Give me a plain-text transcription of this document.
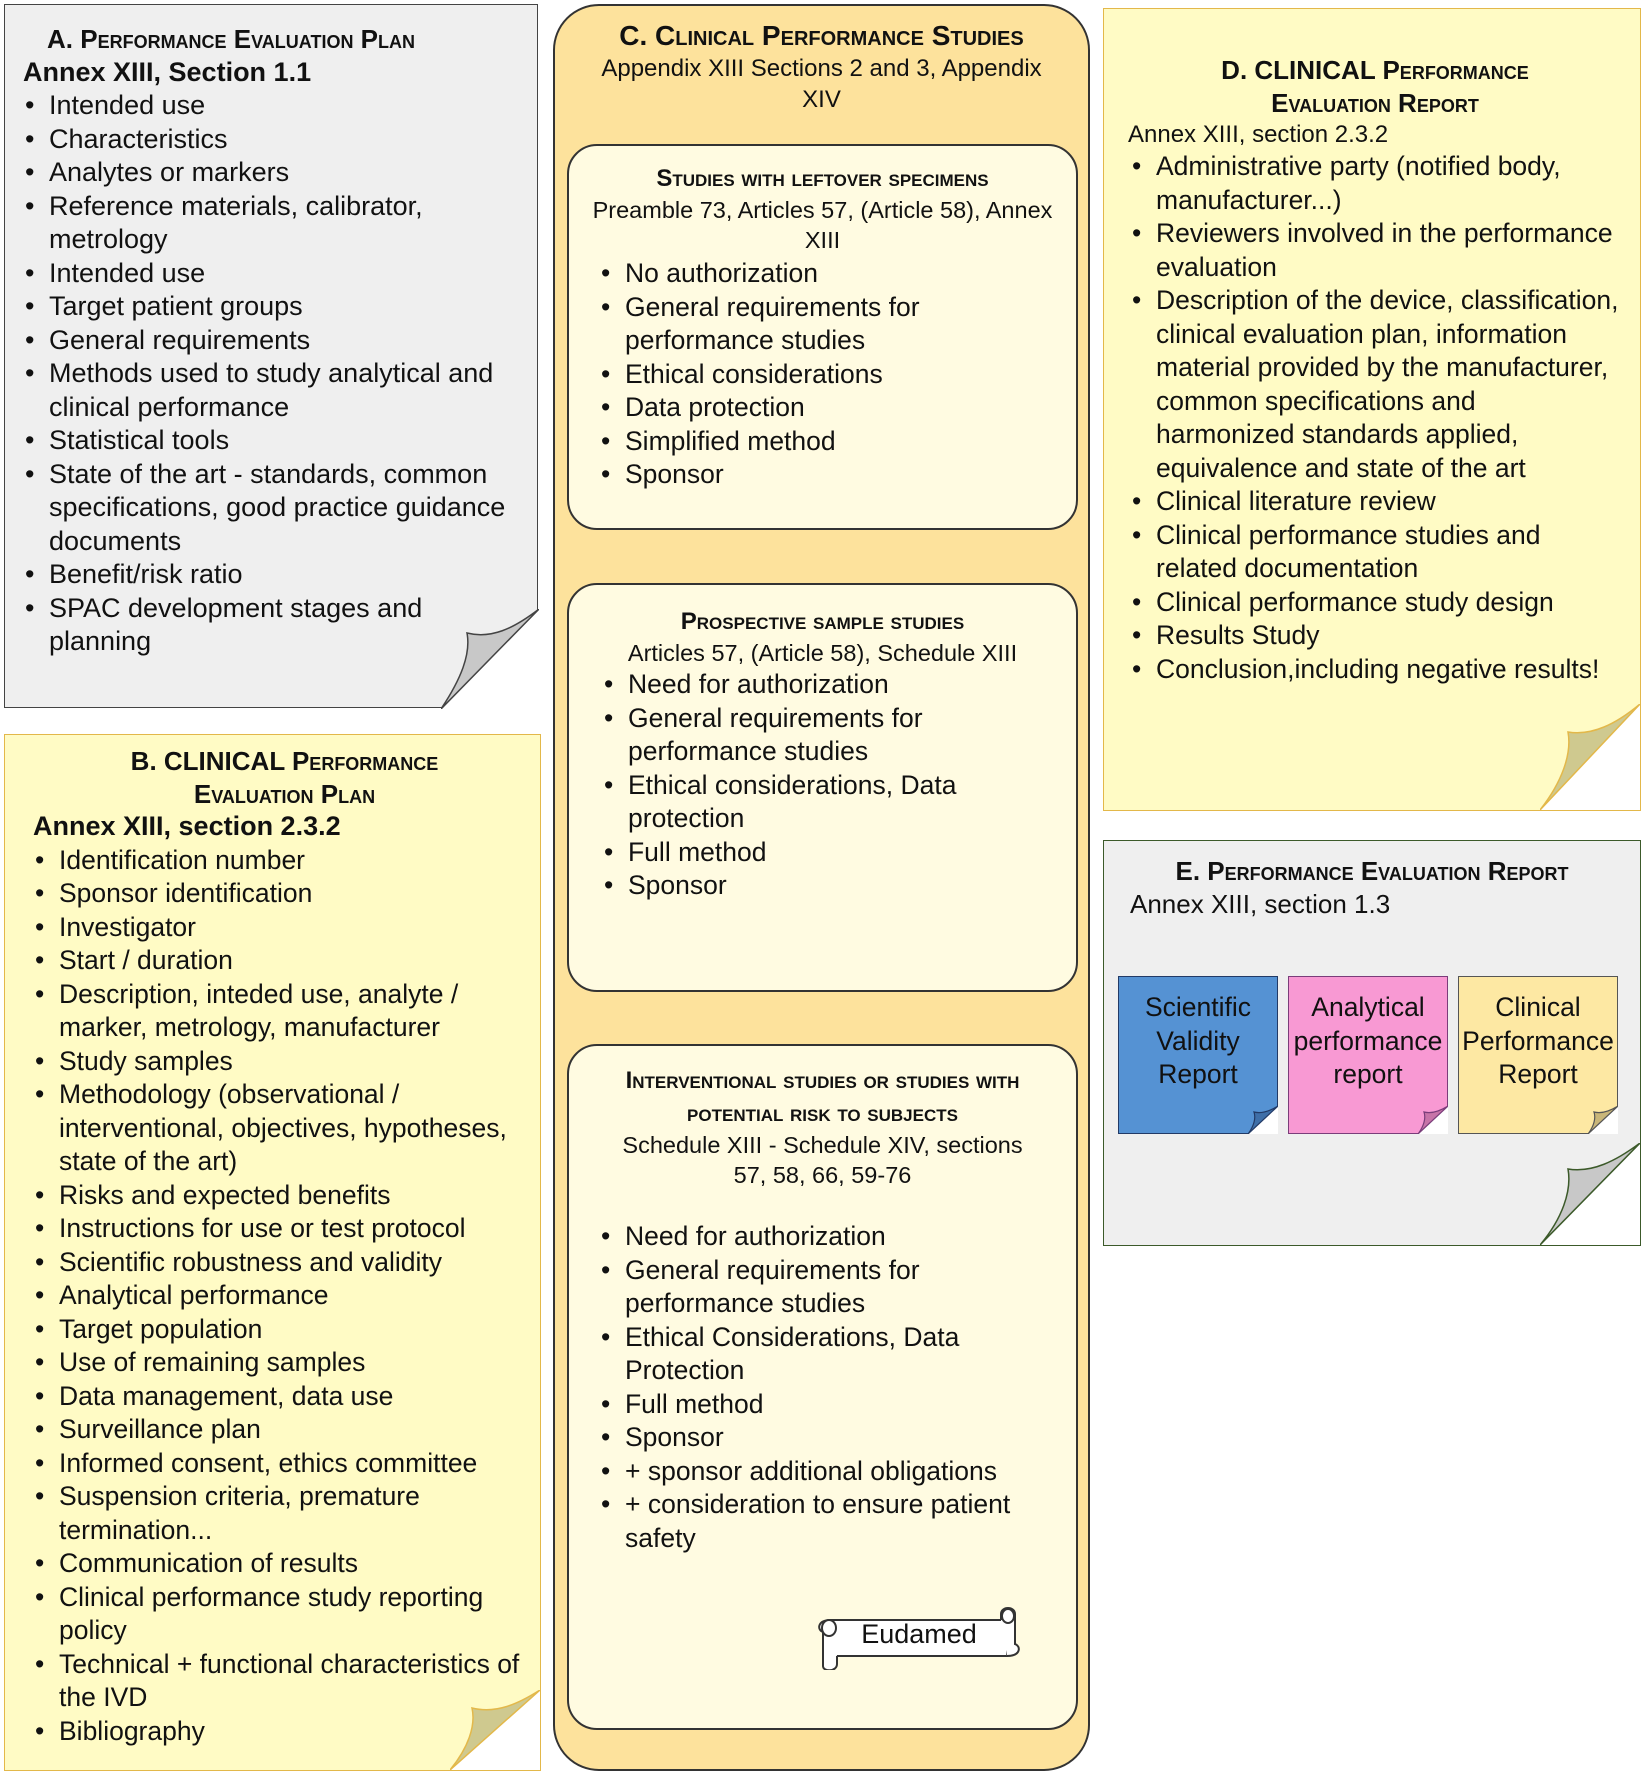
A. Performance Evaluation Plan
Annex XIII, Section 1.1
• Intended use
• Characteristics
• Analytes or markers
• Reference materials, calibrator, metrology
• Intended use
• Target patient groups
• General requirements
• Methods used to study analytical and clinical performance
• Statistical tools
• State of the art - standards, common specifications, good practice guidance documents
• Benefit/risk ratio
• SPAC development stages and planning
B. CLINICAL Performance
Evaluation Plan
Annex XIII, section 2.3.2
• Identification number
• Sponsor identification
• Investigator
• Start / duration
• Description, inteded use, analyte / marker, metrology, manufacturer
• Study samples
• Methodology (observational / interventional, objectives, hypotheses, state of the art)
• Risks and expected benefits
• Instructions for use or test protocol
• Scientific robustness and validity
• Analytical performance
• Target population
• Use of remaining samples
• Data management, data use
• Surveillance plan
• Informed consent, ethics committee
• Suspension criteria, premature termination...
• Communication of results
• Clinical performance study reporting policy
• Technical + functional characteristics of the IVD
• Bibliography
C. Clinical Performance Studies
Appendix XIII Sections 2 and 3, Appendix XIV
Studies with leftover specimens
Preamble 73, Articles 57, (Article 58), Annex XIII
• No authorization
• General requirements for performance studies
• Ethical considerations
• Data protection
• Simplified method
• Sponsor
Prospective sample studies
Articles 57, (Article 58), Schedule XIII
• Need for authorization
• General requirements for performance studies
• Ethical considerations, Data protection
• Full method
• Sponsor
Interventional studies or studies with potential risk to subjects
Schedule XIII - Schedule XIV, sections 57, 58, 66, 59-76
• Need for authorization
• General requirements for performance studies
• Ethical Considerations, Data Protection
• Full method
• Sponsor
• + sponsor additional obligations
• + consideration to ensure patient safety
Eudamed
D. CLINICAL Performance
Evaluation Report
Annex XIII, section 2.3.2
• Administrative party (notified body, manufacturer...)
• Reviewers involved in the performance evaluation
• Description of the device, classification, clinical evaluation plan, information material provided by the manufacturer, common specifications and harmonized standards applied, equivalence and state of the art
• Clinical literature review
• Clinical performance studies and related documentation
• Clinical performance study design
• Results Study
• Conclusion,including negative results!
E. Performance Evaluation Report
Annex XIII, section 1.3
Scientific Validity Report
Analytical performance report
Clinical Performance Report
